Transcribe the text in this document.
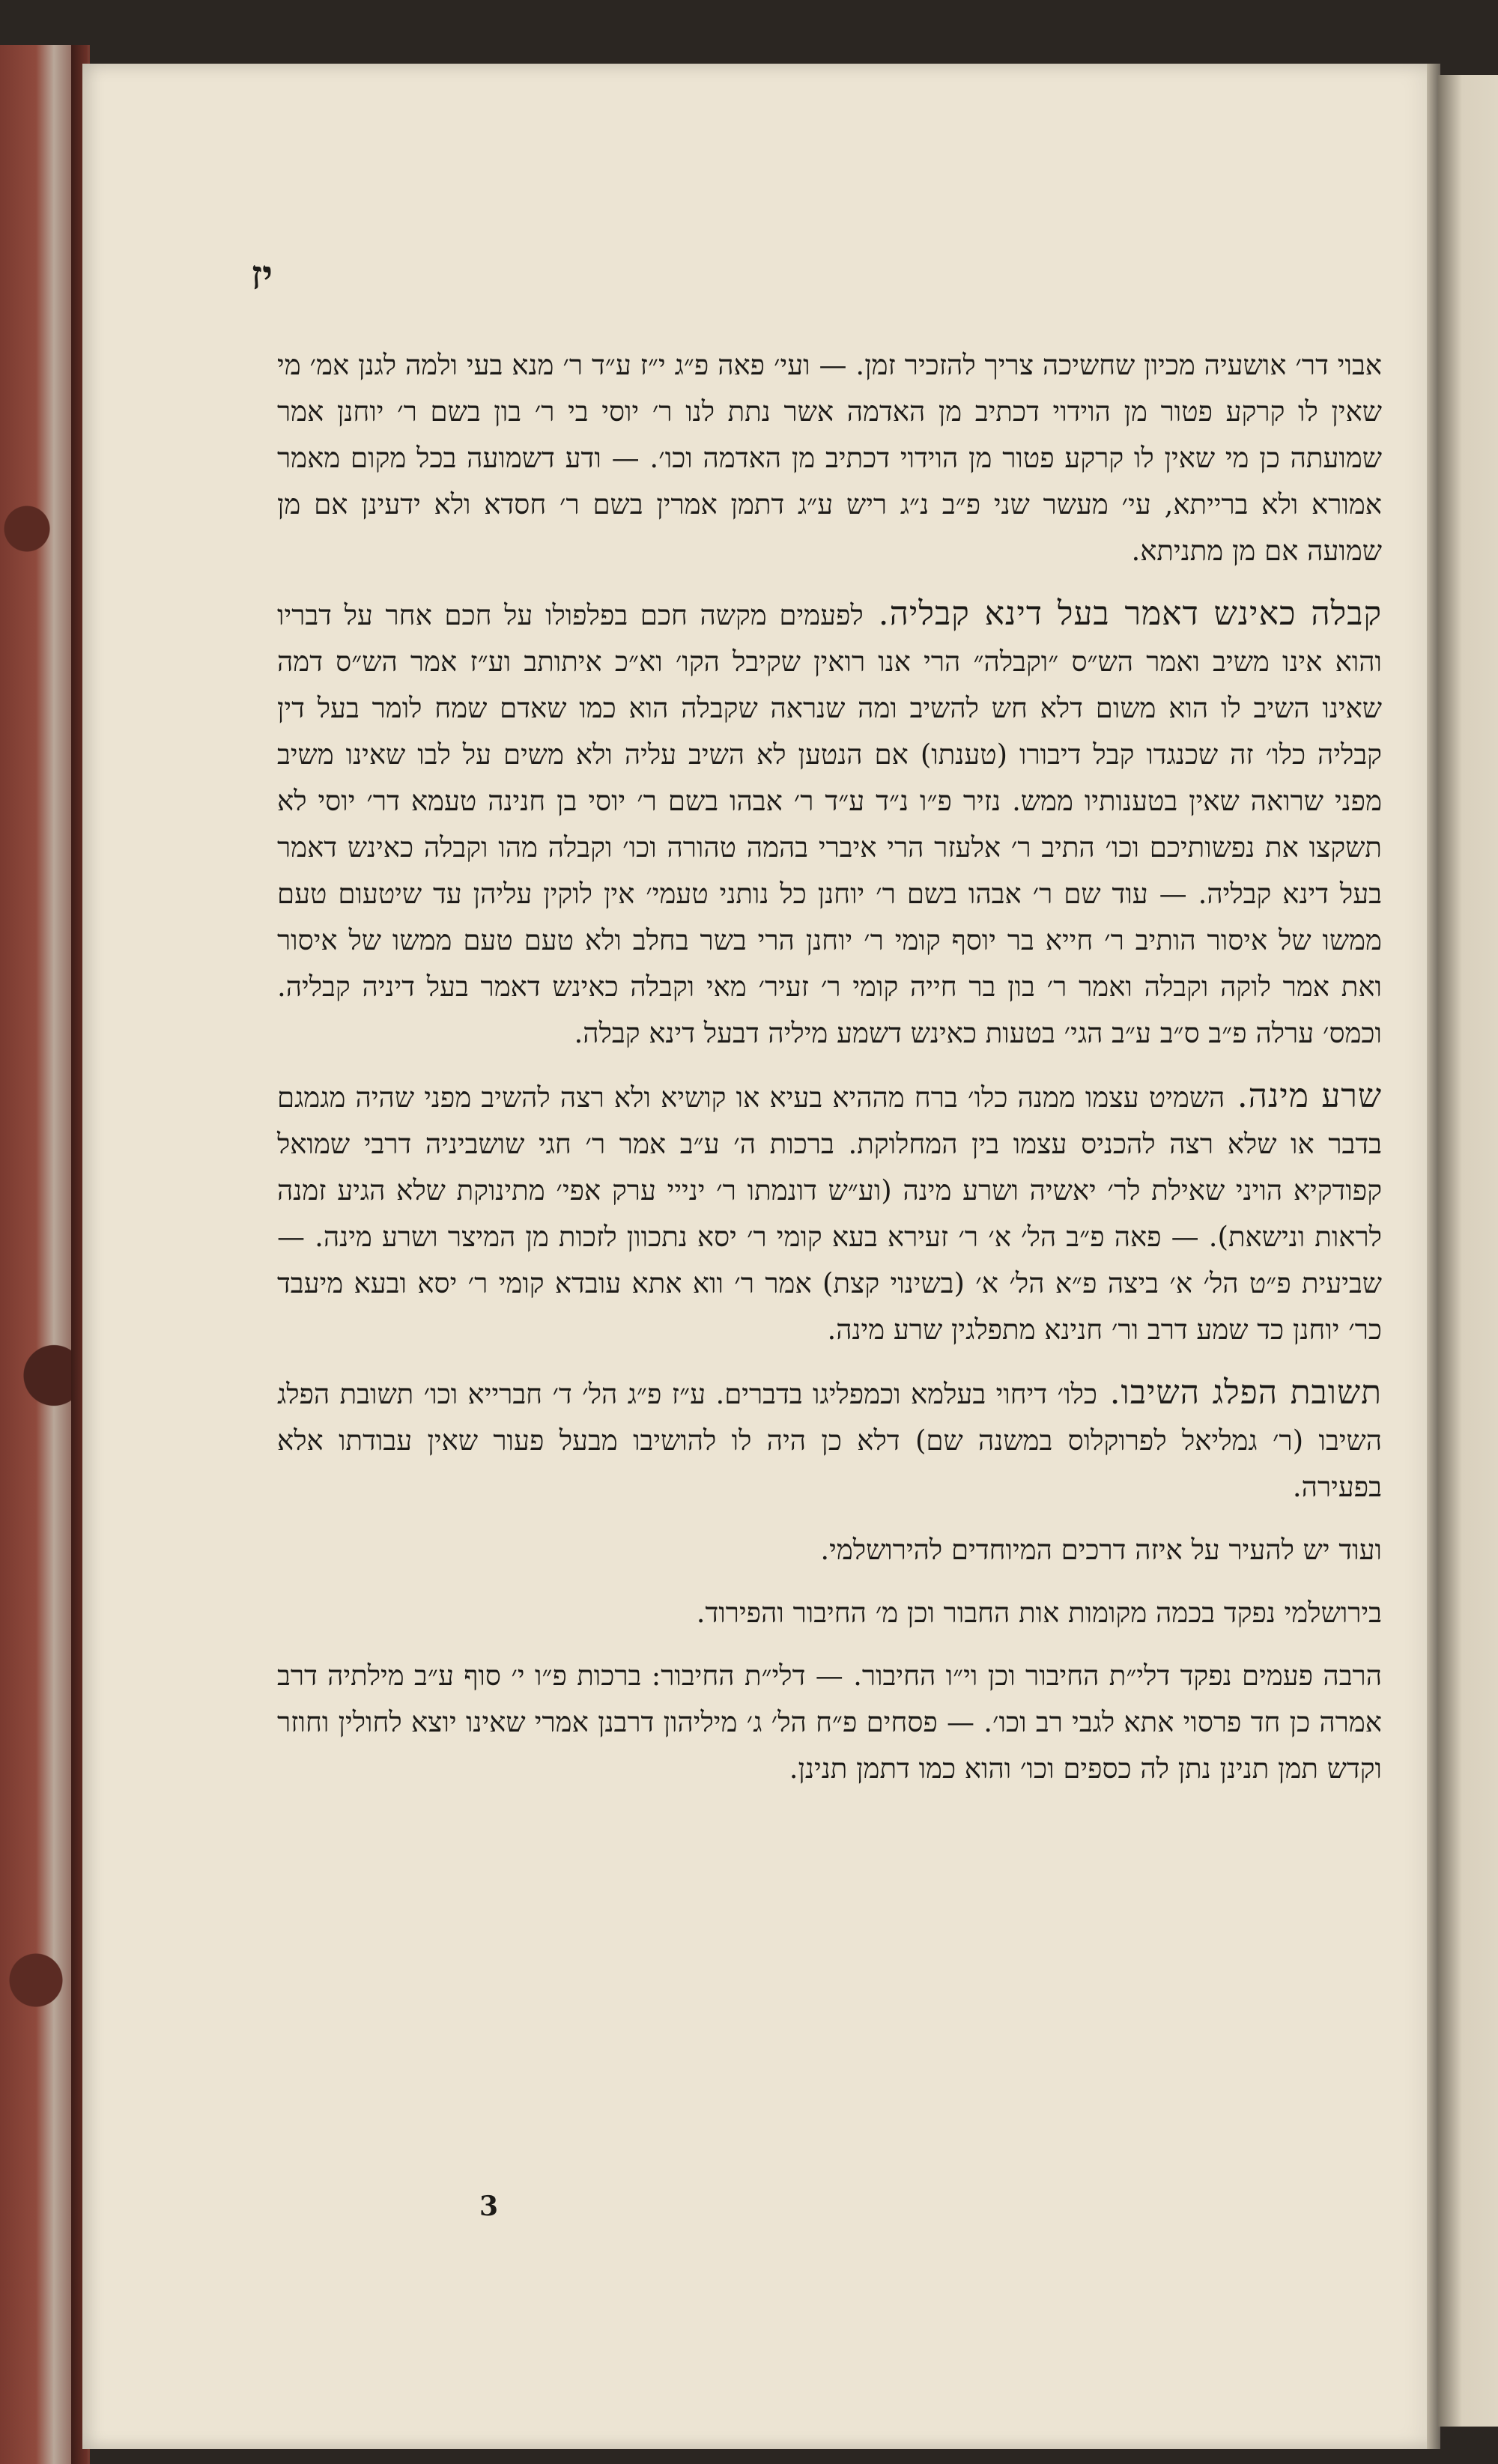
יז

אבוי דר׳ אושעיה מכיון שחשיכה צריך להזכיר זמן. — ועי׳ פאה פ״ג י״ז ע״ד ר׳ מנא בעי ולמה לגנן אמ׳ מי שאין לו קרקע פטור מן הוידוי דכתיב מן האדמה אשר נתת לנו ר׳ יוסי בי ר׳ בון בשם ר׳ יוחנן אמר שמועתה כן מי שאין לו קרקע פטור מן הוידוי דכתיב מן האדמה וכו׳. — ודע דשמועה בכל מקום מאמר אמורא ולא ברייתא, עי׳ מעשר שני פ״ב נ״ג ריש ע״ג דתמן אמרין בשם ר׳ חסדא ולא ידעינן אם מן שמועה אם מן מתניתא.

קבלה כאינש דאמר בעל דינא קבליה. לפעמים מקשה חכם בפלפולו על חכם אחר על דבריו והוא אינו משיב ואמר הש״ס ״וקבלה״ הרי אנו רואין שקיבל הקו׳ וא״כ איתותב וע״ז אמר הש״ס דמה שאינו השיב לו הוא משום דלא חש להשיב ומה שנראה שקבלה הוא כמו שאדם שמח לומר בעל דין קבליה כלו׳ זה שכנגדו קבל דיבורו (טענתו) אם הנטען לא השיב עליה ולא משים על לבו שאינו משיב מפני שרואה שאין בטענותיו ממש. נזיר פ״ו נ״ד ע״ד ר׳ אבהו בשם ר׳ יוסי בן חנינה טעמא דר׳ יוסי לא תשקצו את נפשותיכם וכו׳ התיב ר׳ אלעזר הרי איברי בהמה טהורה וכו׳ וקבלה מהו וקבלה כאינש דאמר בעל דינא קבליה. — עוד שם ר׳ אבהו בשם ר׳ יוחנן כל נותני טעמי׳ אין לוקין עליהן עד שיטעום טעם ממשו של איסור הותיב ר׳ חייא בר יוסף קומי ר׳ יוחנן הרי בשר בחלב ולא טעם טעם ממשו של איסור ואת אמר לוקה וקבלה ואמר ר׳ בון בר חייה קומי ר׳ זעיר׳ מאי וקבלה כאינש דאמר בעל דיניה קבליה. וכמס׳ ערלה פ״ב ס״ב ע״ב הגי׳ בטעות כאינש דשמע מיליה דבעל דינא קבלה.

שרע מינה. השמיט עצמו ממנה כלו׳ ברח מההיא בעיא או קושיא ולא רצה להשיב מפני שהיה מגמגם בדבר או שלא רצה להכניס עצמו בין המחלוקת. ברכות ה׳ ע״ב אמר ר׳ חגי שושביניה דרבי שמואל קפודקיא הויני שאילת לר׳ יאשיה ושרע מינה (וע״ש דונמתו ר׳ ינייי ערק אפי׳ מתינוקת שלא הגיע זמנה לראות ונישאת). — פאה פ״ב הל׳ א׳ ר׳ זעירא בעא קומי ר׳ יסא נתכוון לזכות מן המיצר ושרע מינה. — שביעית פ״ט הל׳ א׳ ביצה פ״א הל׳ א׳ (בשינוי קצת) אמר ר׳ ווא אתא עובדא קומי ר׳ יסא ובעא מיעבד כר׳ יוחנן כד שמע דרב ור׳ חנינא מתפלגין שרע מינה.

תשובת הפלג השיבו. כלו׳ דיחוי בעלמא וכמפליגו בדברים. ע״ז פ״ג הל׳ ד׳ חברייא וכו׳ תשובת הפלג השיבו (ר׳ גמליאל לפרוקלוס במשנה שם) דלא כן היה לו להושיבו מבעל פעור שאין עבודתו אלא בפעירה.

ועוד יש להעיר על איזה דרכים המיוחדים להירושלמי.

בירושלמי נפקד בכמה מקומות אות החבור וכן מ׳ החיבור והפירוד.

הרבה פעמים נפקד דלי״ת החיבור וכן וי״ו החיבור. — דלי״ת החיבור: ברכות פ״ו י׳ סוף ע״ב מילתיה דרב אמרה כן חד פרסוי אתא לגבי רב וכו׳. — פסחים פ״ח הל׳ ג׳ מיליהון דרבנן אמרי שאינו יוצא לחולין וחוזר וקדש תמן תנינן נתן לה כספים וכו׳ והוא כמו דתמן תנינן.

3
